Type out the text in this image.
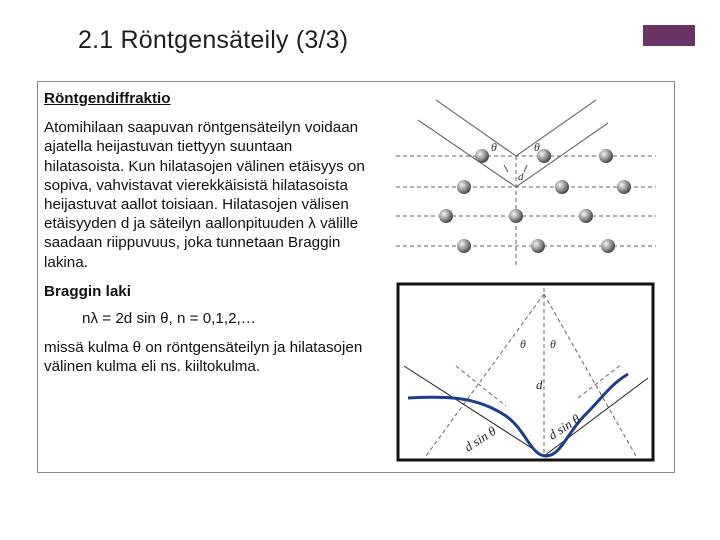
2.1 Röntgensäteily (3/3)

Röntgendiffraktio

Atomihilaan saapuvan röntgensäteilyn voidaan ajatella heijastuvan tiettyyn suuntaan hilatasoista. Kun hilatasojen välinen etäisyys on sopiva, vahvistavat vierekkäisistä hilatasoista heijastuvat aallot toisiaan. Hilatasojen välisen etäisyyden d ja säteilyn aallonpituuden λ välille saadaan riippuvuus, joka tunnetaan Braggin lakina.

Braggin laki

nλ = 2d sin θ, n = 0,1,2,…

missä kulma θ on röntgensäteilyn ja hilatasojen välinen kulma eli ns. kiiltokulma.

θ	θ
d
d
θ θ
d sin θ	d sin θ
